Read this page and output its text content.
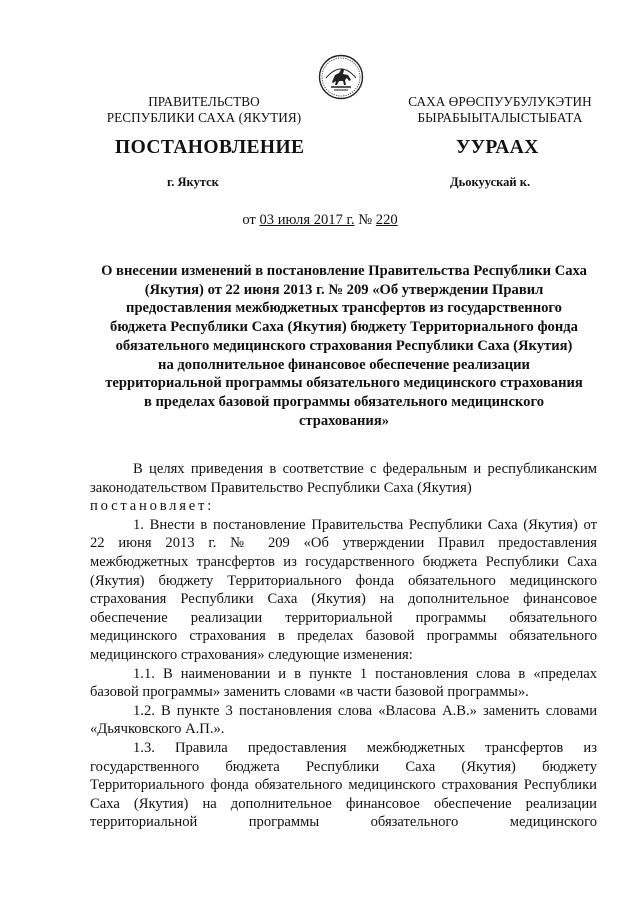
ПРАВИТЕЛЬСТВО
РЕСПУБЛИКИ САХА (ЯКУТИЯ)
САХА ӨРӨСПУУБУЛУКЭТИН
БЫРАБЫЫТАЛЫСТЫБАТА
ПОСТАНОВЛЕНИЕ	УУРААХ
г. Якутск	Дьокуускай к.
от 03 июля 2017 г. № 220
О внесении изменений в постановление Правительства Республики Саха
(Якутия) от 22 июня 2013 г. № 209 «Об утверждении Правил
предоставления межбюджетных трансфертов из государственного
бюджета Республики Саха (Якутия) бюджету Территориального фонда
обязательного медицинского страхования Республики Саха (Якутия)
на дополнительное финансовое обеспечение реализации
территориальной программы обязательного медицинского страхования
в пределах базовой программы обязательного медицинского
страхования»

В целях приведения в соответствие с федеральным и республиканским законодательством Правительство Республики Саха (Якутия)

постановляет:

1. Внести в постановление Правительства Республики Саха (Якутия) от 22 июня 2013 г. № 209 «Об утверждении Правил предоставления межбюджетных трансфертов из государственного бюджета Республики Саха (Якутия) бюджету Территориального фонда обязательного медицинского страхования Республики Саха (Якутия) на дополнительное финансовое обеспечение реализации территориальной программы обязательного медицинского страхования в пределах базовой программы обязательного медицинского страхования» следующие изменения:

1.1. В наименовании и в пункте 1 постановления слова в «пределах базовой программы» заменить словами «в части базовой программы».

1.2. В пункте 3 постановления слова «Власова А.В.» заменить словами «Дьячковского А.П.».

1.3. Правила предоставления межбюджетных трансфертов из государственного бюджета Республики Саха (Якутия) бюджету Территориального фонда обязательного медицинского страхования Республики Саха (Якутия) на дополнительное финансовое обеспечение реализации территориальной программы обязательного медицинского
